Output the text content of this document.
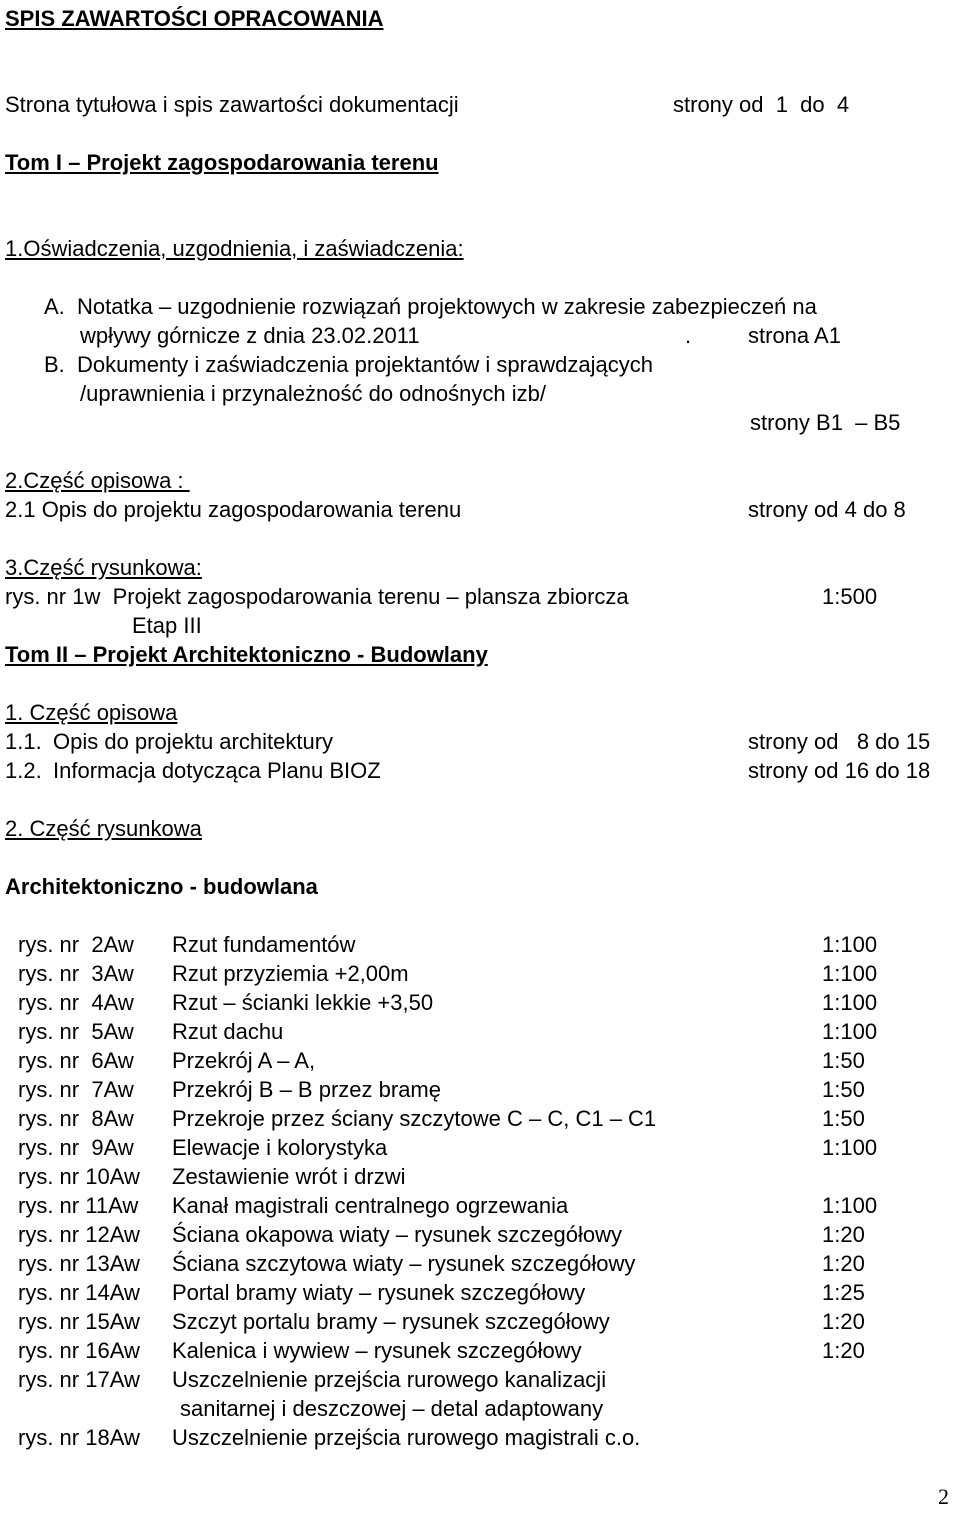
SPIS ZAWARTOŚCI OPRACOWANIA
Strona tytułowa i spis zawartości dokumentacji	strony od  1  do  4
Tom I – Projekt zagospodarowania terenu
1.Oświadczenia, uzgodnienia, i zaświadczenia:
A.  Notatka – uzgodnienie rozwiązań projektowych w zakresie zabezpieczeń na
wpływy górnicze z dnia 23.02.2011	.	strona A1
B.  Dokumenty i zaświadczenia projektantów i sprawdzających
/uprawnienia i przynależność do odnośnych izb/
strony B1  – B5
2.Część opisowa :
2.1 Opis do projektu zagospodarowania terenu	strony od 4 do 8
3.Część rysunkowa:
rys. nr 1w  Projekt zagospodarowania terenu – plansza zbiorcza	1:500
Etap III
Tom II – Projekt Architektoniczno - Budowlany
1. Część opisowa
1.1. Opis do projektu architektury	strony od   8 do 15
1.2. Informacja dotycząca Planu BIOZ	strony od 16 do 18
2. Część rysunkowa
Architektoniczno - budowlana
rys. nr  2Aw Rzut fundamentów	1:100
rys. nr  3Aw Rzut przyziemia +2,00m	1:100
rys. nr  4Aw Rzut – ścianki lekkie +3,50	1:100
rys. nr  5Aw Rzut dachu	1:100
rys. nr  6Aw Przekrój A – A,	1:50
rys. nr  7Aw Przekrój B – B przez bramę	1:50
rys. nr  8Aw Przekroje przez ściany szczytowe C – C, C1 – C1	1:50
rys. nr  9Aw Elewacje i kolorystyka	1:100
rys. nr 10Aw Zestawienie wrót i drzwi
rys. nr 11Aw Kanał magistrali centralnego ogrzewania	1:100
rys. nr 12Aw Ściana okapowa wiaty – rysunek szczegółowy	1:20
rys. nr 13Aw Ściana szczytowa wiaty – rysunek szczegółowy	1:20
rys. nr 14Aw Portal bramy wiaty – rysunek szczegółowy	1:25
rys. nr 15Aw Szczyt portalu bramy – rysunek szczegółowy	1:20
rys. nr 16Aw Kalenica i wywiew – rysunek szczegółowy	1:20
rys. nr 17Aw Uszczelnienie przejścia rurowego kanalizacji
sanitarnej i deszczowej – detal adaptowany
rys. nr 18Aw Uszczelnienie przejścia rurowego magistrali c.o.
2
